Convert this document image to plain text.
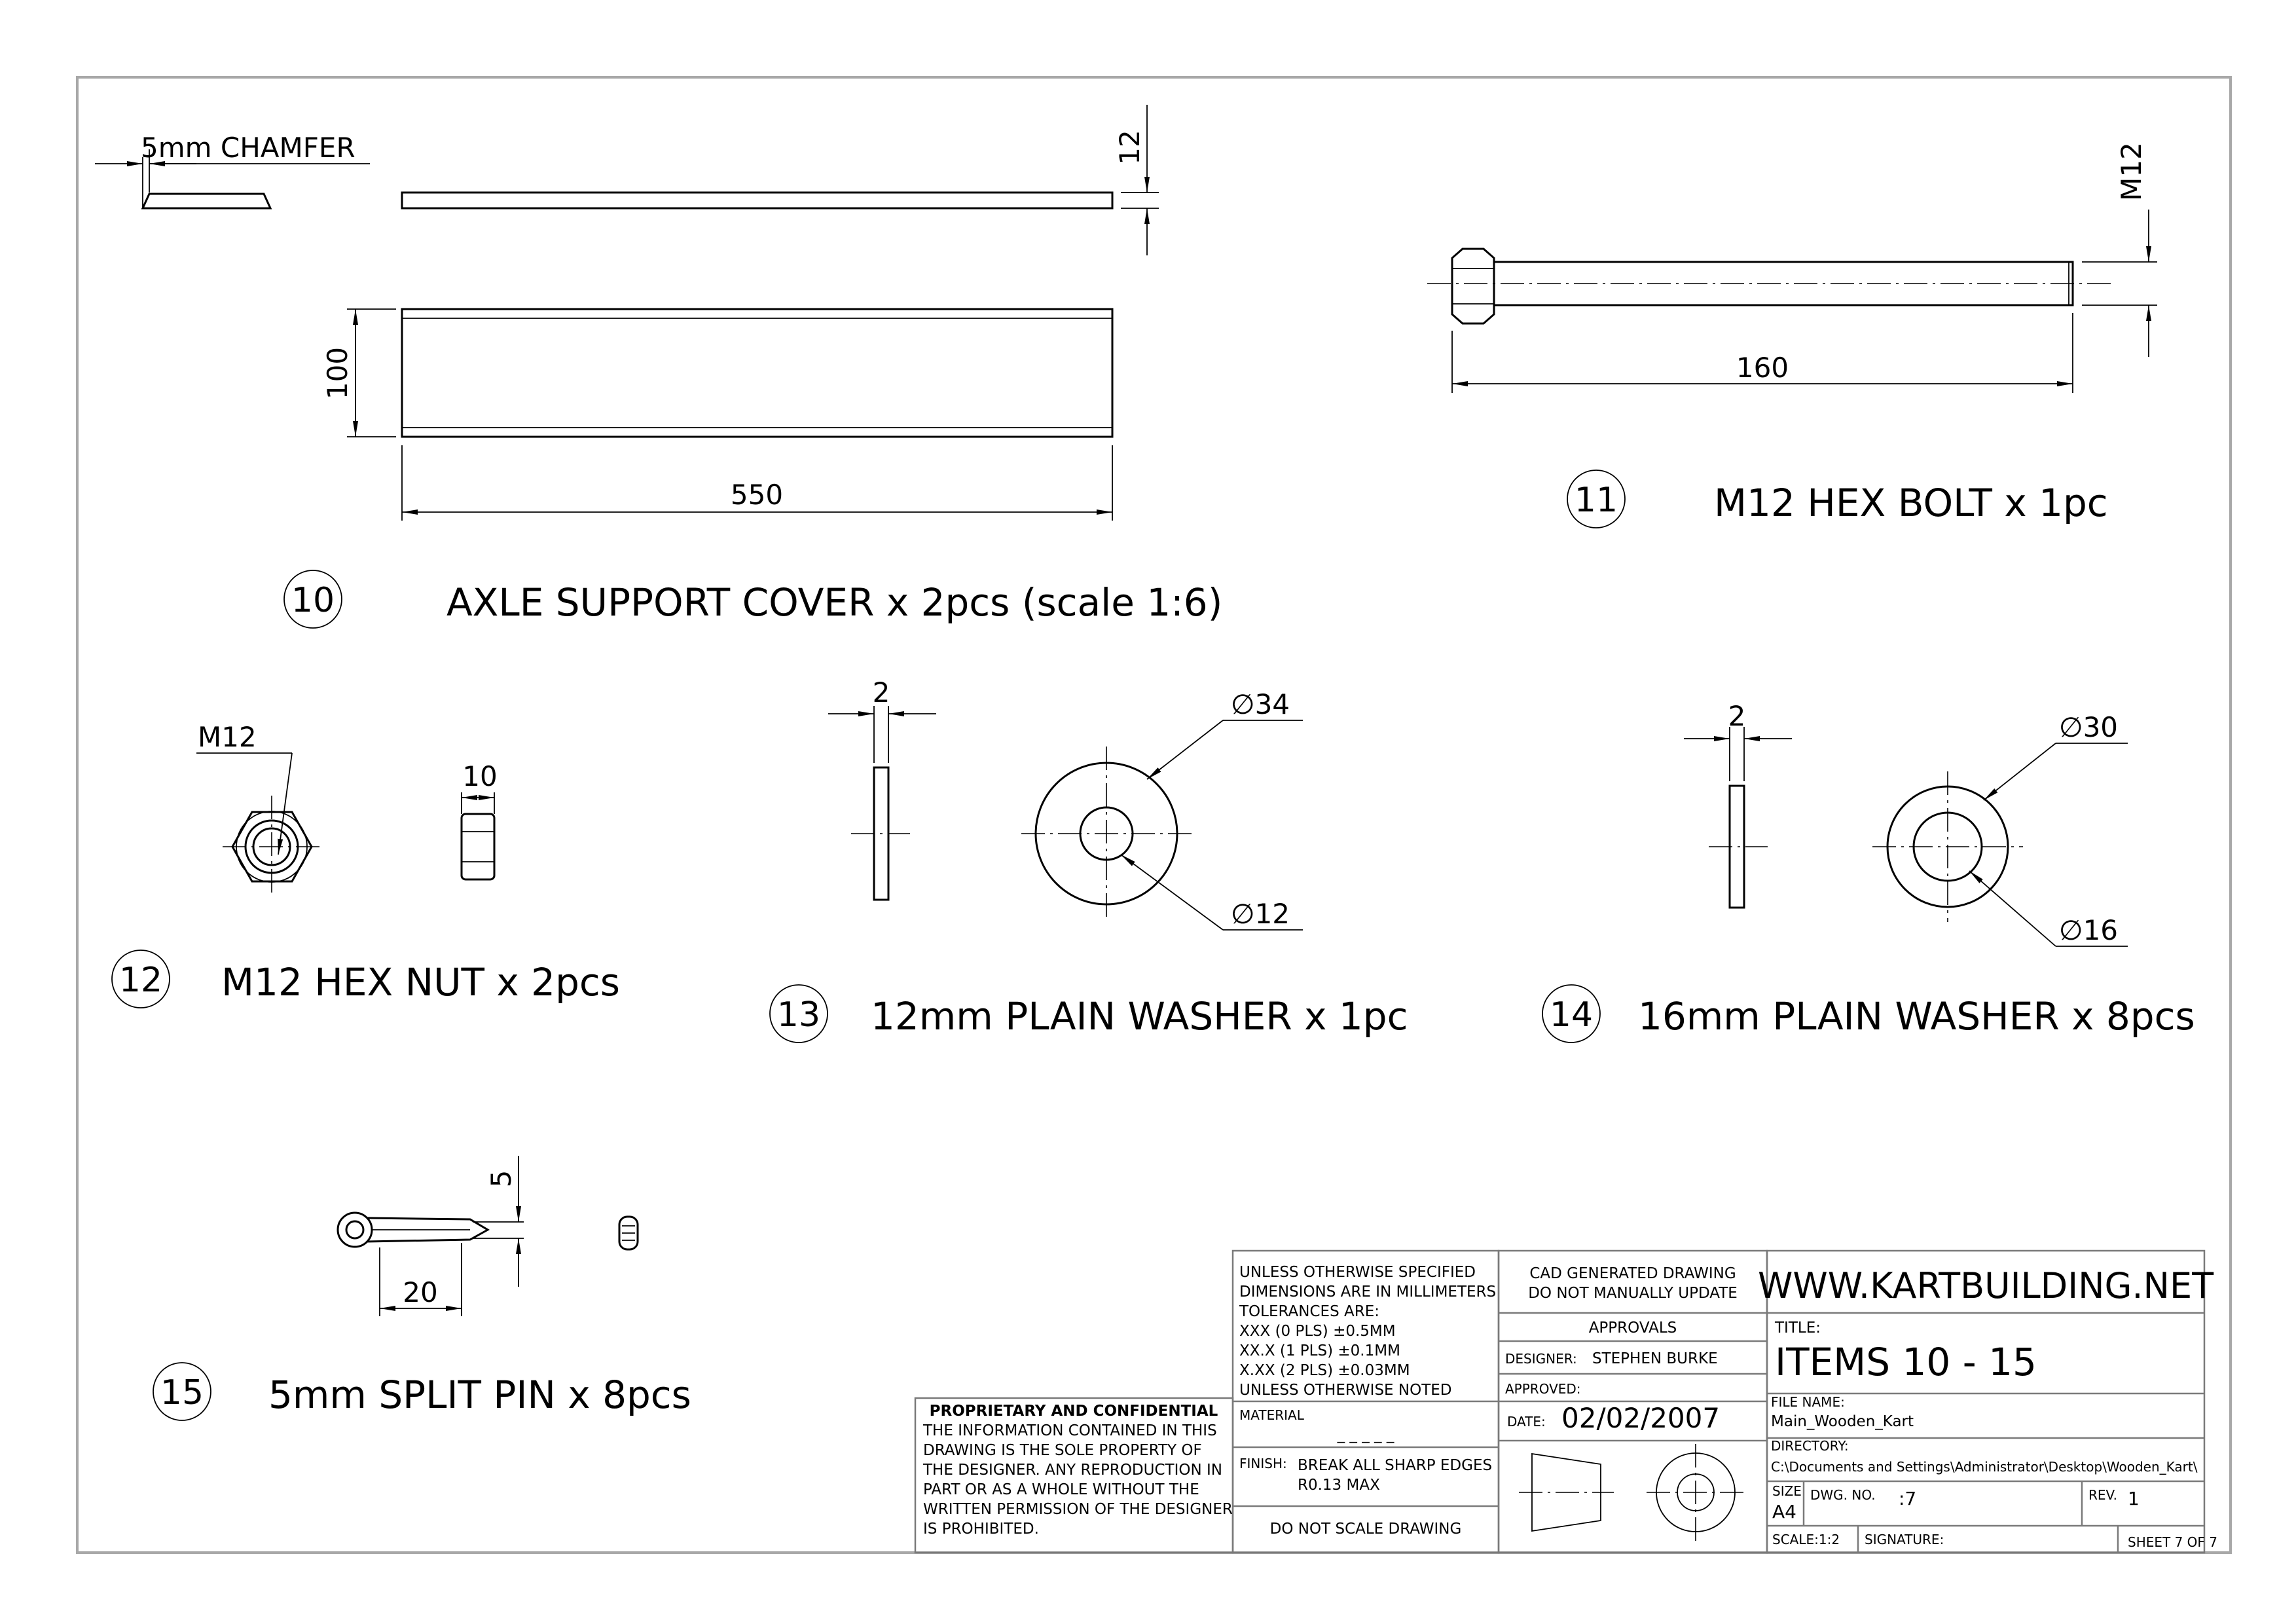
5mm CHAMFER	12
100
550
10	AXLE SUPPORT COVER x 2pcs (scale 1:6)
M12
160
11	M12 HEX BOLT x 1pc
M12
10
12 M12 HEX NUT x 2pcs
2	∅34
∅12
13 12mm PLAIN WASHER x 1pc
2	∅30
∅16
14 16mm PLAIN WASHER x 8pcs
5
20
15 5mm SPLIT PIN x 8pcs	PROPRIETARY AND CONFIDENTIAL
THE INFORMATION CONTAINED IN THIS
DRAWING IS THE SOLE PROPERTY OF
THE DESIGNER. ANY REPRODUCTION IN
PART OR AS A WHOLE WITHOUT THE
WRITTEN PERMISSION OF THE DESIGNER
IS PROHIBITED.
UNLESS OTHERWISE SPECIFIED
DIMENSIONS ARE IN MILLIMETERS
TOLERANCES ARE:
XXX (0 PLS) ±0.5MM
XX.X (1 PLS) ±0.1MM
X.XX (2 PLS) ±0.03MM
UNLESS OTHERWISE NOTED
MATERIAL
_ _ _ _ _
FINISH: BREAK ALL SHARP EDGES
R0.13 MAX
DO NOT SCALE DRAWING
CAD GENERATED DRAWING
DO NOT MANUALLY UPDATE
APPROVALS
DESIGNER: STEPHEN BURKE
APPROVED:
DATE: 02/02/2007
WWW.KARTBUILDING.NET
TITLE:
ITEMS 10 - 15
FILE NAME:
Main_Wooden_Kart
DIRECTORY:
C:\Documents and Settings\Administrator\Desktop\Wooden_Kart\
SIZE
A4
DWG. NO. :7	REV. 1
SCALE:1:2 SIGNATURE:	SHEET 7 OF 7
